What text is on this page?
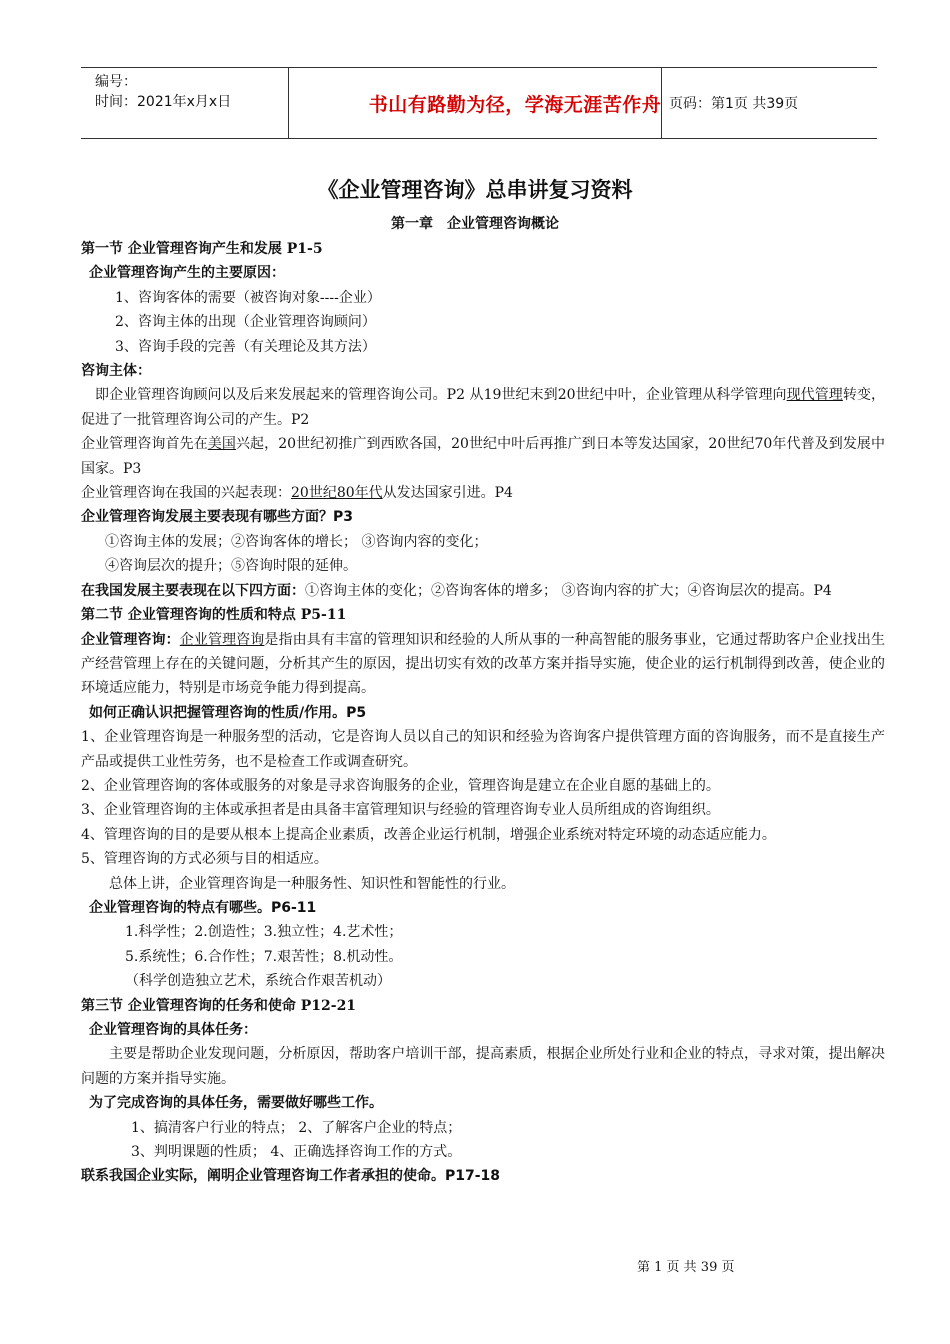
编号：
时间：2021年x月x日	书山有路勤为径，学海无涯苦作舟 页码：第1页 共39页
《企业管理咨询》总串讲复习资料
第一章　企业管理咨询概论

第一节 企业管理咨询产生和发展 P1-5

企业管理咨询产生的主要原因：

1、咨询客体的需要（被咨询对象----企业）

2、咨询主体的出现（企业管理咨询顾问）

3、咨询手段的完善（有关理论及其方法）

咨询主体：

即企业管理咨询顾问以及后来发展起来的管理咨询公司。P2 从19世纪末到20世纪中叶，企业管理从科学管理向现代管理转变，促进了一批管理咨询公司的产生。P2

企业管理咨询首先在美国兴起，20世纪初推广到西欧各国，20世纪中叶后再推广到日本等发达国家，20世纪70年代普及到发展中国家。P3

企业管理咨询在我国的兴起表现：20世纪80年代从发达国家引进。P4

企业管理咨询发展主要表现有哪些方面？P3

①咨询主体的发展；②咨询客体的增长； ③咨询内容的变化；

④咨询层次的提升；⑤咨询时限的延伸。

在我国发展主要表现在以下四方面：①咨询主体的变化；②咨询客体的增多； ③咨询内容的扩大；④咨询层次的提高。P4

第二节 企业管理咨询的性质和特点 P5-11

企业管理咨询：企业管理咨询是指由具有丰富的管理知识和经验的人所从事的一种高智能的服务事业，它通过帮助客户企业找出生产经营管理上存在的关键问题，分析其产生的原因，提出切实有效的改革方案并指导实施，使企业的运行机制得到改善，使企业的环境适应能力，特别是市场竞争能力得到提高。

如何正确认识把握管理咨询的性质/作用。P5

1、企业管理咨询是一种服务型的活动，它是咨询人员以自己的知识和经验为咨询客户提供管理方面的咨询服务，而不是直接生产产品或提供工业性劳务，也不是检查工作或调查研究。

2、企业管理咨询的客体或服务的对象是寻求咨询服务的企业，管理咨询是建立在企业自愿的基础上的。

3、企业管理咨询的主体或承担者是由具备丰富管理知识与经验的管理咨询专业人员所组成的咨询组织。

4、管理咨询的目的是要从根本上提高企业素质，改善企业运行机制，增强企业系统对特定环境的动态适应能力。

5、管理咨询的方式必须与目的相适应。

总体上讲，企业管理咨询是一种服务性、知识性和智能性的行业。

企业管理咨询的特点有哪些。P6-11

1.科学性；2.创造性；3.独立性；4.艺术性；

5.系统性；6.合作性；7.艰苦性；8.机动性。

（科学创造独立艺术，系统合作艰苦机动）

第三节 企业管理咨询的任务和使命 P12-21

企业管理咨询的具体任务：

主要是帮助企业发现问题，分析原因，帮助客户培训干部，提高素质，根据企业所处行业和企业的特点，寻求对策，提出解决问题的方案并指导实施。

为了完成咨询的具体任务，需要做好哪些工作。

1、搞清客户行业的特点； 2、了解客户企业的特点；

3、判明课题的性质； 4、正确选择咨询工作的方式。

联系我国企业实际，阐明企业管理咨询工作者承担的使命。P17-18

第 1 页 共 39 页
